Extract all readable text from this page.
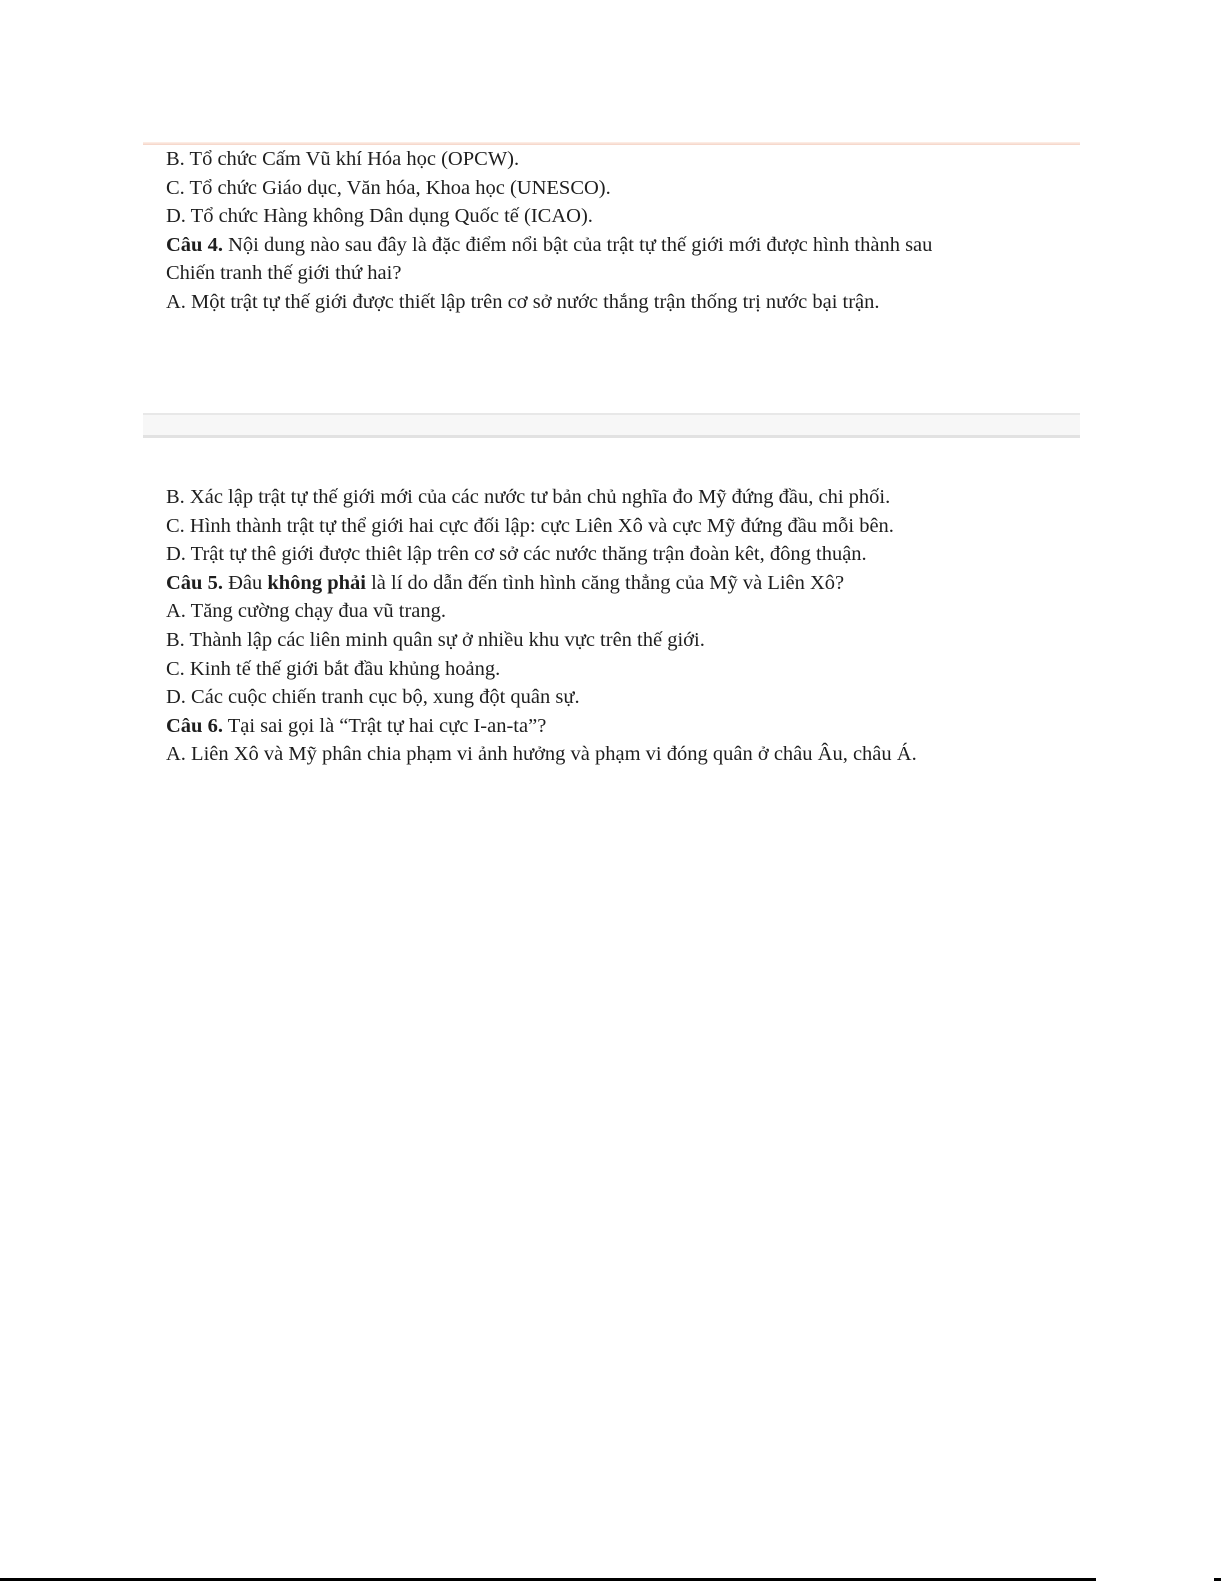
B. Tổ chức Cấm Vũ khí Hóa học (OPCW).
C. Tổ chức Giáo dục, Văn hóa, Khoa học (UNESCO).
D. Tổ chức Hàng không Dân dụng Quốc tế (ICAO).
Câu 4. Nội dung nào sau đây là đặc điểm nổi bật của trật tự thế giới mới được hình thành sau
Chiến tranh thế giới thứ hai?
A. Một trật tự thế giới được thiết lập trên cơ sở nước thắng trận thống trị nước bại trận.
B. Xác lập trật tự thế giới mới của các nước tư bản chủ nghĩa đo Mỹ đứng đầu, chi phối.
C. Hình thành trật tự thể giới hai cực đối lập: cực Liên Xô và cực Mỹ đứng đầu mỗi bên.
D. Trật tự thê giới được thiêt lập trên cơ sở các nước thăng trận đoàn kêt, đông thuận.
Câu 5. Đâu không phải là lí do dẫn đến tình hình căng thẳng của Mỹ và Liên Xô?
A. Tăng cường chạy đua vũ trang.
B. Thành lập các liên minh quân sự ở nhiều khu vực trên thế giới.
C. Kinh tế thế giới bắt đầu khủng hoảng.
D. Các cuộc chiến tranh cục bộ, xung đột quân sự.
Câu 6. Tại sai gọi là “Trật tự hai cực I-an-ta”?
A. Liên Xô và Mỹ phân chia phạm vi ảnh hưởng và phạm vi đóng quân ở châu Âu, châu Á.
